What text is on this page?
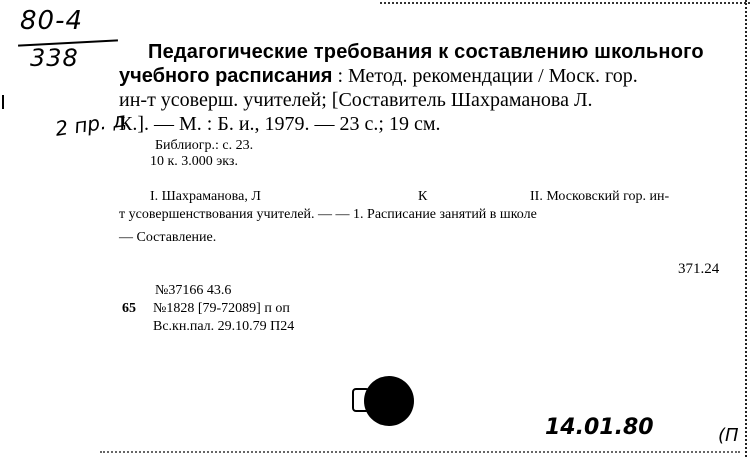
80-4
338
2 пр. д
Педагогические требования к составлению школьного
учебного расписания : Метод. рекомендации / Моск. гор.
ин-т усоверш. учителей; [Составитель Шахраманова Л.
К.]. — М. : Б. и., 1979. — 23 с.; 19 см.
Библиогр.: с. 23.
10 к. 3.000 экз.
I. Шахраманова, Л	К	II. Московский гор. ин-
т усовершенствования учителей. — — 1. Расписание занятий в школе
— Составление.
371.24
№37166 43.6
65 №1828 [79-72089] п оп
Вс.кн.пал. 29.10.79 П24
14.01.80	(П
